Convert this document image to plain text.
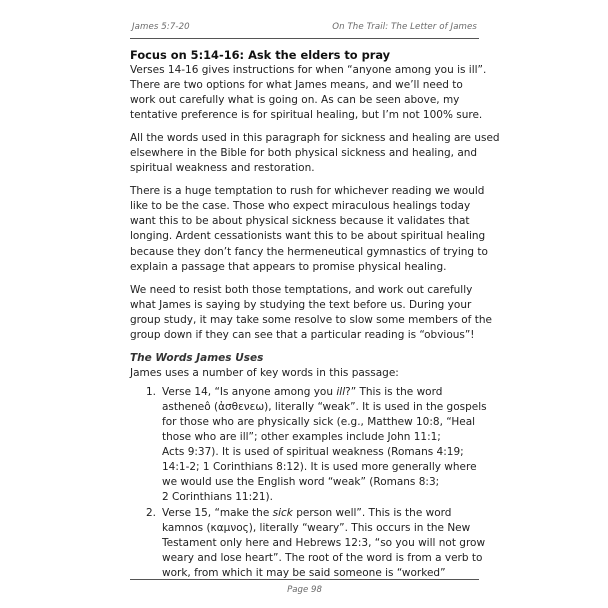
James 5:7-20	On The Trail: The Letter of James
Focus on 5:14-16: Ask the elders to pray

Verses 14-16 gives instructions for when “anyone among you is ill”.
There are two options for what James means, and we’ll need to
work out carefully what is going on. As can be seen above, my
tentative preference is for spiritual healing, but I’m not 100% sure.

All the words used in this paragraph for sickness and healing are used
elsewhere in the Bible for both physical sickness and healing, and
spiritual weakness and restoration.

There is a huge temptation to rush for whichever reading we would
like to be the case. Those who expect miraculous healings today
want this to be about physical sickness because it validates that
longing. Ardent cessationists want this to be about spiritual healing
because they don’t fancy the hermeneutical gymnastics of trying to
explain a passage that appears to promise physical healing.

We need to resist both those temptations, and work out carefully
what James is saying by studying the text before us. During your
group study, it may take some resolve to slow some members of the
group down if they can see that a particular reading is “obvious”!

The Words James Uses
James uses a number of key words in this passage:
1. Verse 14, “Is anyone among you ill?” This is the word
astheneô (ἀσθενεω), literally “weak”. It is used in the gospels
for those who are physically sick (e.g., Matthew 10:8, “Heal
those who are ill”; other examples include John 11:1;
Acts 9:37). It is used of spiritual weakness (Romans 4:19;
14:1-2; 1 Corinthians 8:12). It is used more generally where
we would use the English word “weak” (Romans 8:3;
2 Corinthians 11:21).
2. Verse 15, “make the sick person well”. This is the word
kamnos (καμνος), literally “weary”. This occurs in the New
Testament only here and Hebrews 12:3, “so you will not grow
weary and lose heart”. The root of the word is from a verb to
work, from which it may be said someone is “worked”
Page 98
